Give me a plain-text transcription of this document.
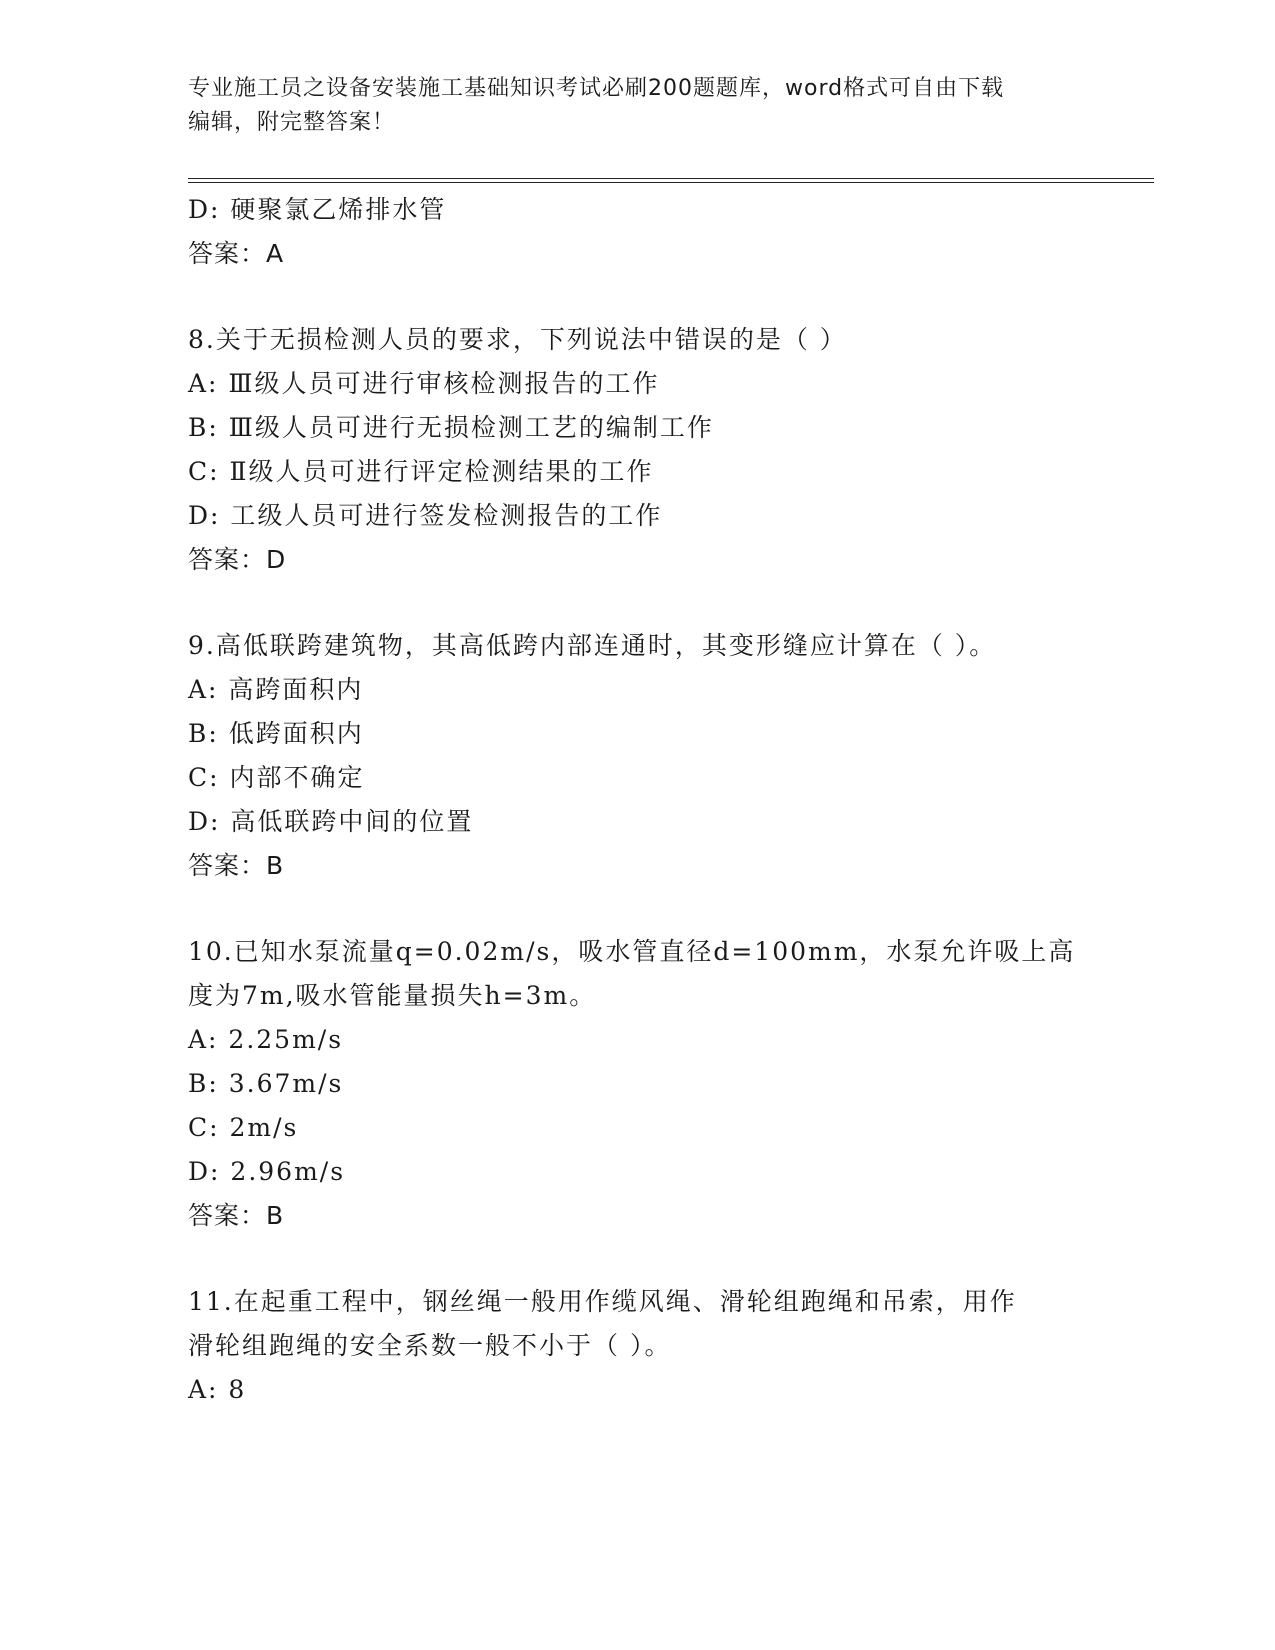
专业施工员之设备安装施工基础知识考试必刷200题题库，word格式可自由下载
编辑，附完整答案！
D: 硬聚氯乙烯排水管
答案：A
8.关于无损检测人员的要求，下列说法中错误的是（ ）
A: Ⅲ级人员可进行审核检测报告的工作
B: Ⅲ级人员可进行无损检测工艺的编制工作
C: Ⅱ级人员可进行评定检测结果的工作
D: 工级人员可进行签发检测报告的工作
答案：D
9.高低联跨建筑物，其高低跨内部连通时，其变形缝应计算在（ ）。
A: 高跨面积内
B: 低跨面积内
C: 内部不确定
D: 高低联跨中间的位置
答案：B
10.已知水泵流量q=0.02m/s，吸水管直径d=100mm，水泵允许吸上高
度为7m,吸水管能量损失h=3m。
A: 2.25m/s
B: 3.67m/s
C: 2m/s
D: 2.96m/s
答案：B
11.在起重工程中，钢丝绳一般用作缆风绳、滑轮组跑绳和吊索，用作
滑轮组跑绳的安全系数一般不小于（ ）。
A: 8
